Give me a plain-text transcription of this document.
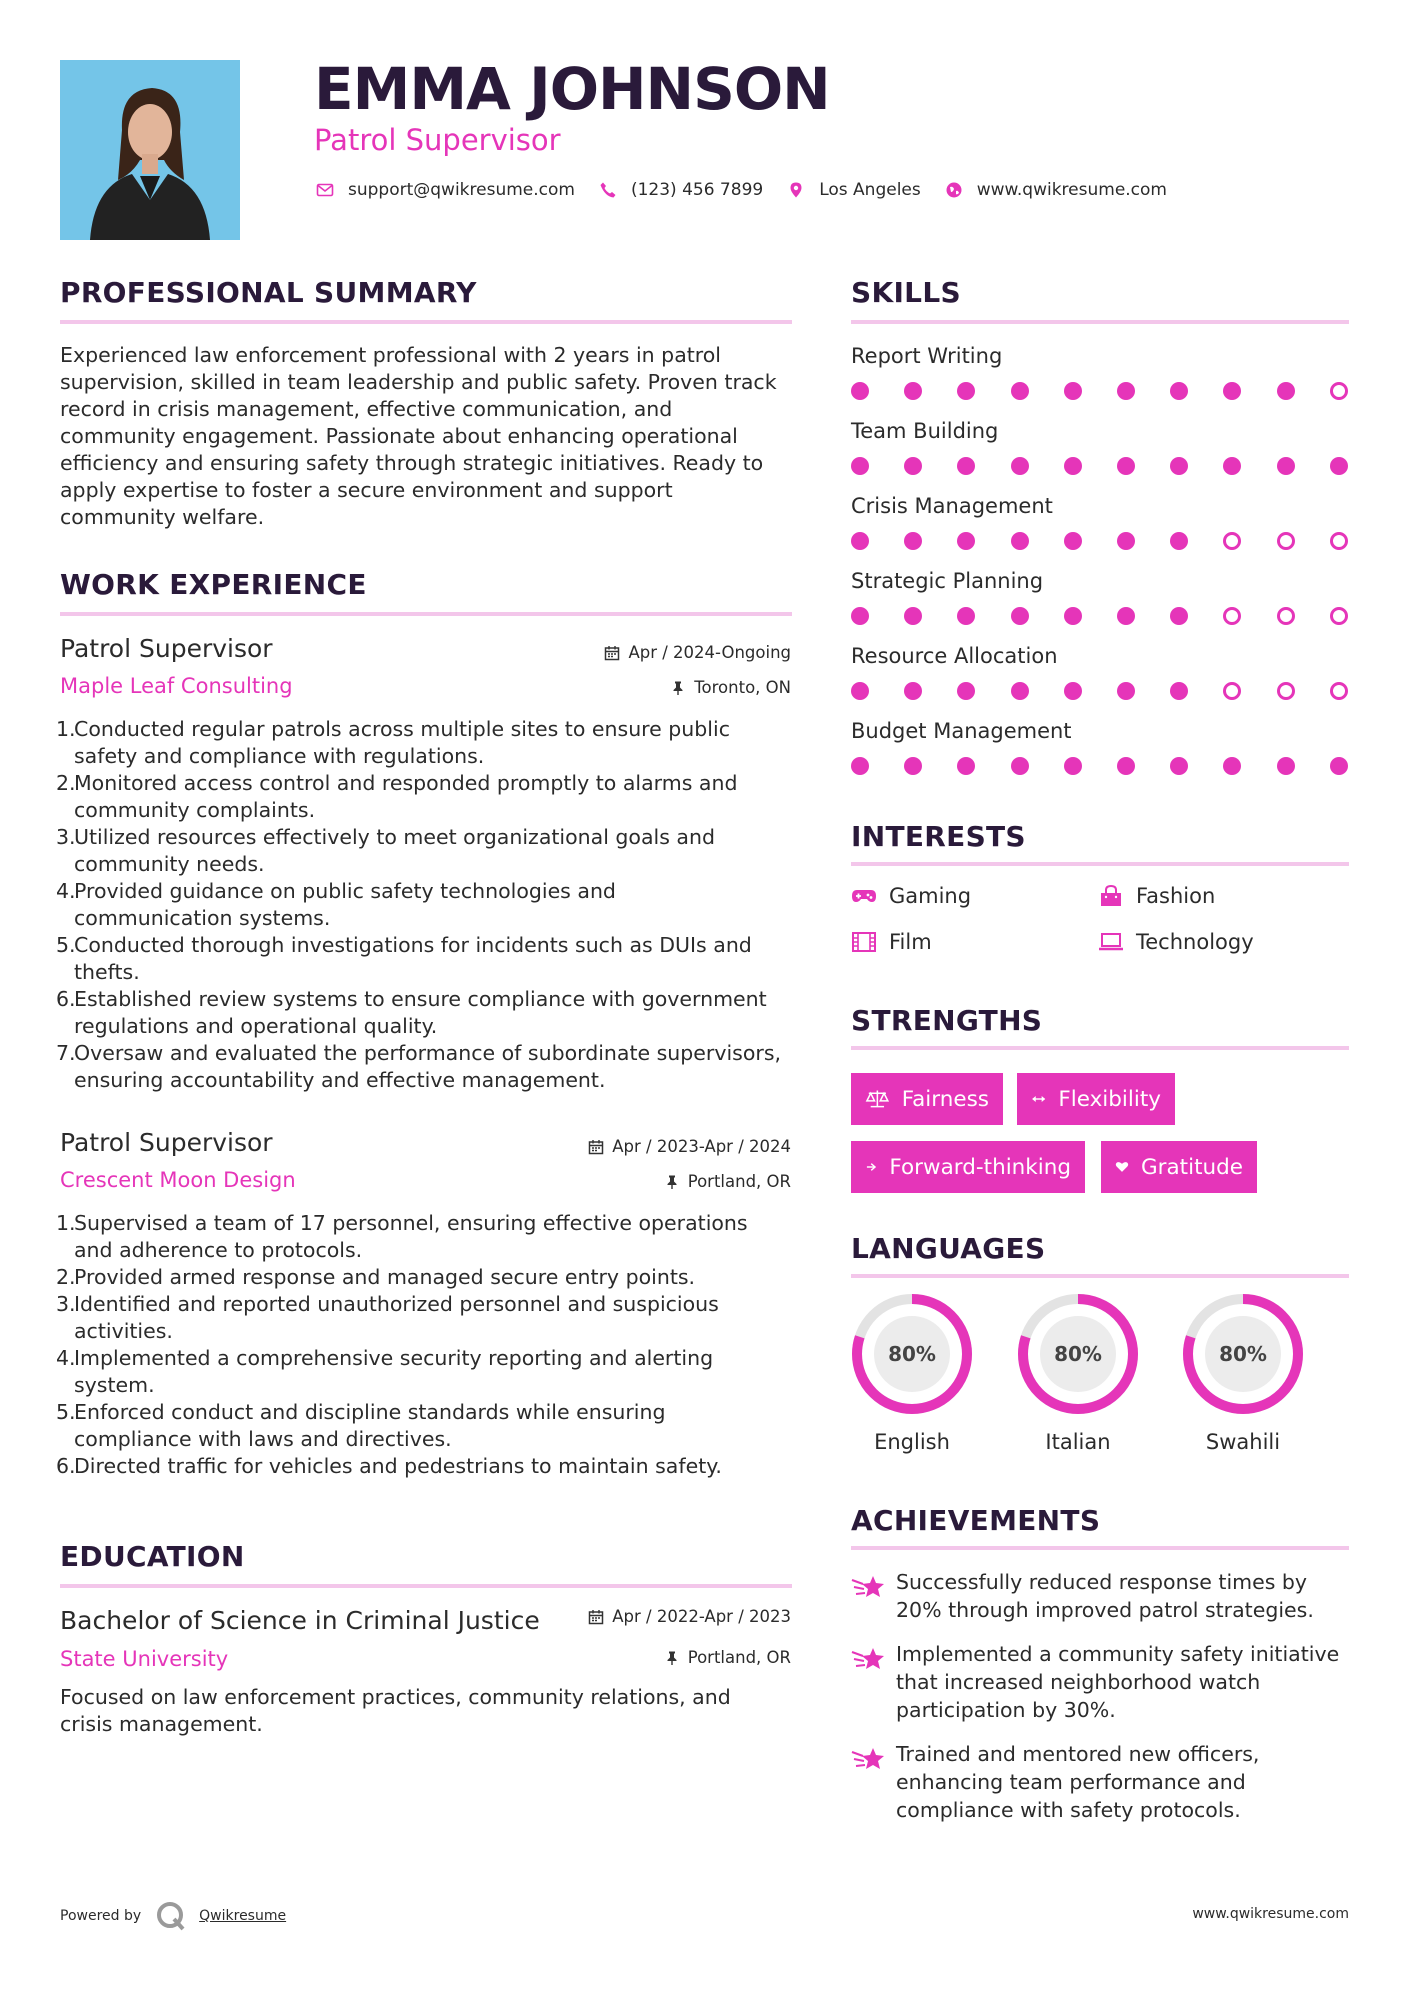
EMMA JOHNSON
Patrol Supervisor
support@qwikresume.com	(123) 456 7899	Los Angeles	www.qwikresume.com
PROFESSIONAL SUMMARY
Experienced law enforcement professional with 2 years in patrol
supervision, skilled in team leadership and public safety. Proven track
record in crisis management, effective communication, and
community engagement. Passionate about enhancing operational
efficiency and ensuring safety through strategic initiatives. Ready to
apply expertise to foster a secure environment and support
community welfare.
WORK EXPERIENCE
Patrol Supervisor	Apr / 2024-Ongoing
Maple Leaf Consulting	Toronto, ON
1.
Conducted regular patrols across multiple sites to ensure public
safety and compliance with regulations.
2.
Monitored access control and responded promptly to alarms and
community complaints.
3.
Utilized resources effectively to meet organizational goals and
community needs.
4.
Provided guidance on public safety technologies and
communication systems.
5.
Conducted thorough investigations for incidents such as DUIs and
thefts.
6.
Established review systems to ensure compliance with government
regulations and operational quality.
7.
Oversaw and evaluated the performance of subordinate supervisors,
ensuring accountability and effective management.
Patrol Supervisor	Apr / 2023-Apr / 2024
Crescent Moon Design	Portland, OR
1.
Supervised a team of 17 personnel, ensuring effective operations
and adherence to protocols.
2.
Provided armed response and managed secure entry points.
3.
Identified and reported unauthorized personnel and suspicious
activities.
4.
Implemented a comprehensive security reporting and alerting
system.
5.
Enforced conduct and discipline standards while ensuring
compliance with laws and directives.
6.
Directed traffic for vehicles and pedestrians to maintain safety.
EDUCATION
Bachelor of Science in Criminal Justice	Apr / 2022-Apr / 2023
State University	Portland, OR
Focused on law enforcement practices, community relations, and
crisis management.
SKILLS
Report Writing
Team Building
Crisis Management
Strategic Planning
Resource Allocation
Budget Management
INTERESTS
Gaming	Fashion
Film	Technology
STRENGTHS
Fairness	Flexibility
Forward-thinking	Gratitude
LANGUAGES
80%
English
80%
Italian
80%
Swahili
ACHIEVEMENTS
Successfully reduced response times by
20% through improved patrol strategies.
Implemented a community safety initiative
that increased neighborhood watch
participation by 30%.
Trained and mentored new officers,
enhancing team performance and
compliance with safety protocols.
Powered by	Qwikresume	www.qwikresume.com
